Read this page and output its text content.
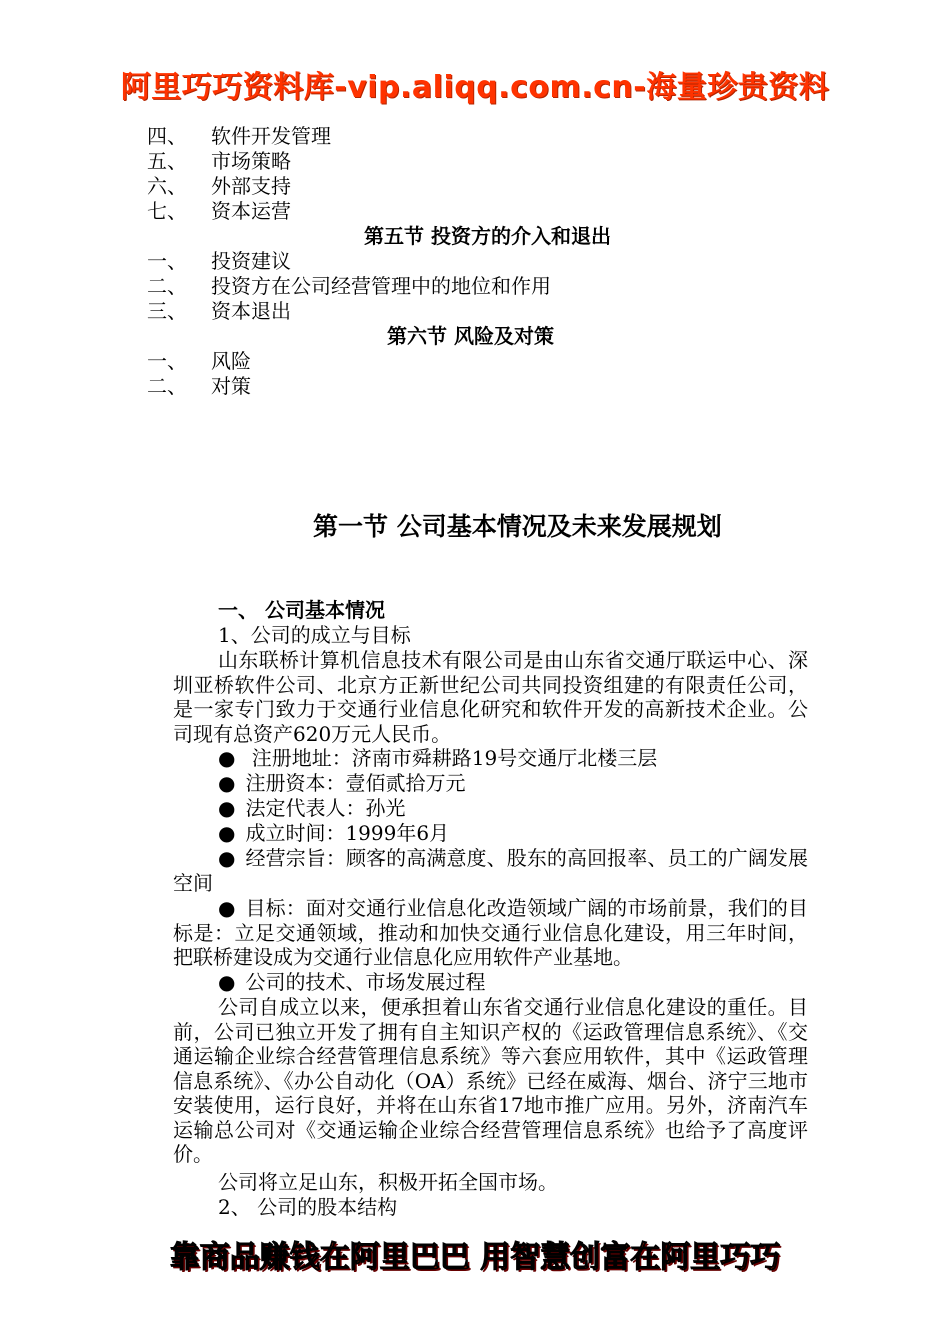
阿里巧巧资料库-vip.aliqq.com.cn-海量珍贵资料
四、	软件开发管理
五、	市场策略
六、	外部支持
七、	资本运营
第五节 投资方的介入和退出
一、	投资建议
二、	投资方在公司经营管理中的地位和作用
三、	资本退出
第六节 风险及对策
一、	风险
二、	对策
第一节 公司基本情况及未来发展规划
一、 公司基本情况
1、公司的成立与目标
山东联桥计算机信息技术有限公司是由山东省交通厅联运中心、深圳亚桥软件公司、北京方正新世纪公司共同投资组建的有限责任公司，是一家专门致力于交通行业信息化研究和软件开发的高新技术企业。公司现有总资产620万元人民币。
● 注册地址：济南市舜耕路19号交通厅北楼三层
● 注册资本：壹佰贰拾万元
● 法定代表人：孙光
● 成立时间：1999年6月
● 经营宗旨：顾客的高满意度、股东的高回报率、员工的广阔发展空间
● 目标：面对交通行业信息化改造领域广阔的市场前景，我们的目标是：立足交通领域，推动和加快交通行业信息化建设，用三年时间，把联桥建设成为交通行业信息化应用软件产业基地。
● 公司的技术、市场发展过程
公司自成立以来，便承担着山东省交通行业信息化建设的重任。目前，公司已独立开发了拥有自主知识产权的《运政管理信息系统》、《交通运输企业综合经营管理信息系统》等六套应用软件，其中《运政管理信息系统》、《办公自动化（OA）系统》已经在威海、烟台、济宁三地市安装使用，运行良好，并将在山东省17地市推广应用。另外，济南汽车运输总公司对《交通运输企业综合经营管理信息系统》也给予了高度评价。
公司将立足山东，积极开拓全国市场。
2、 公司的股本结构
靠商品赚钱在阿里巴巴 用智慧创富在阿里巧巧
